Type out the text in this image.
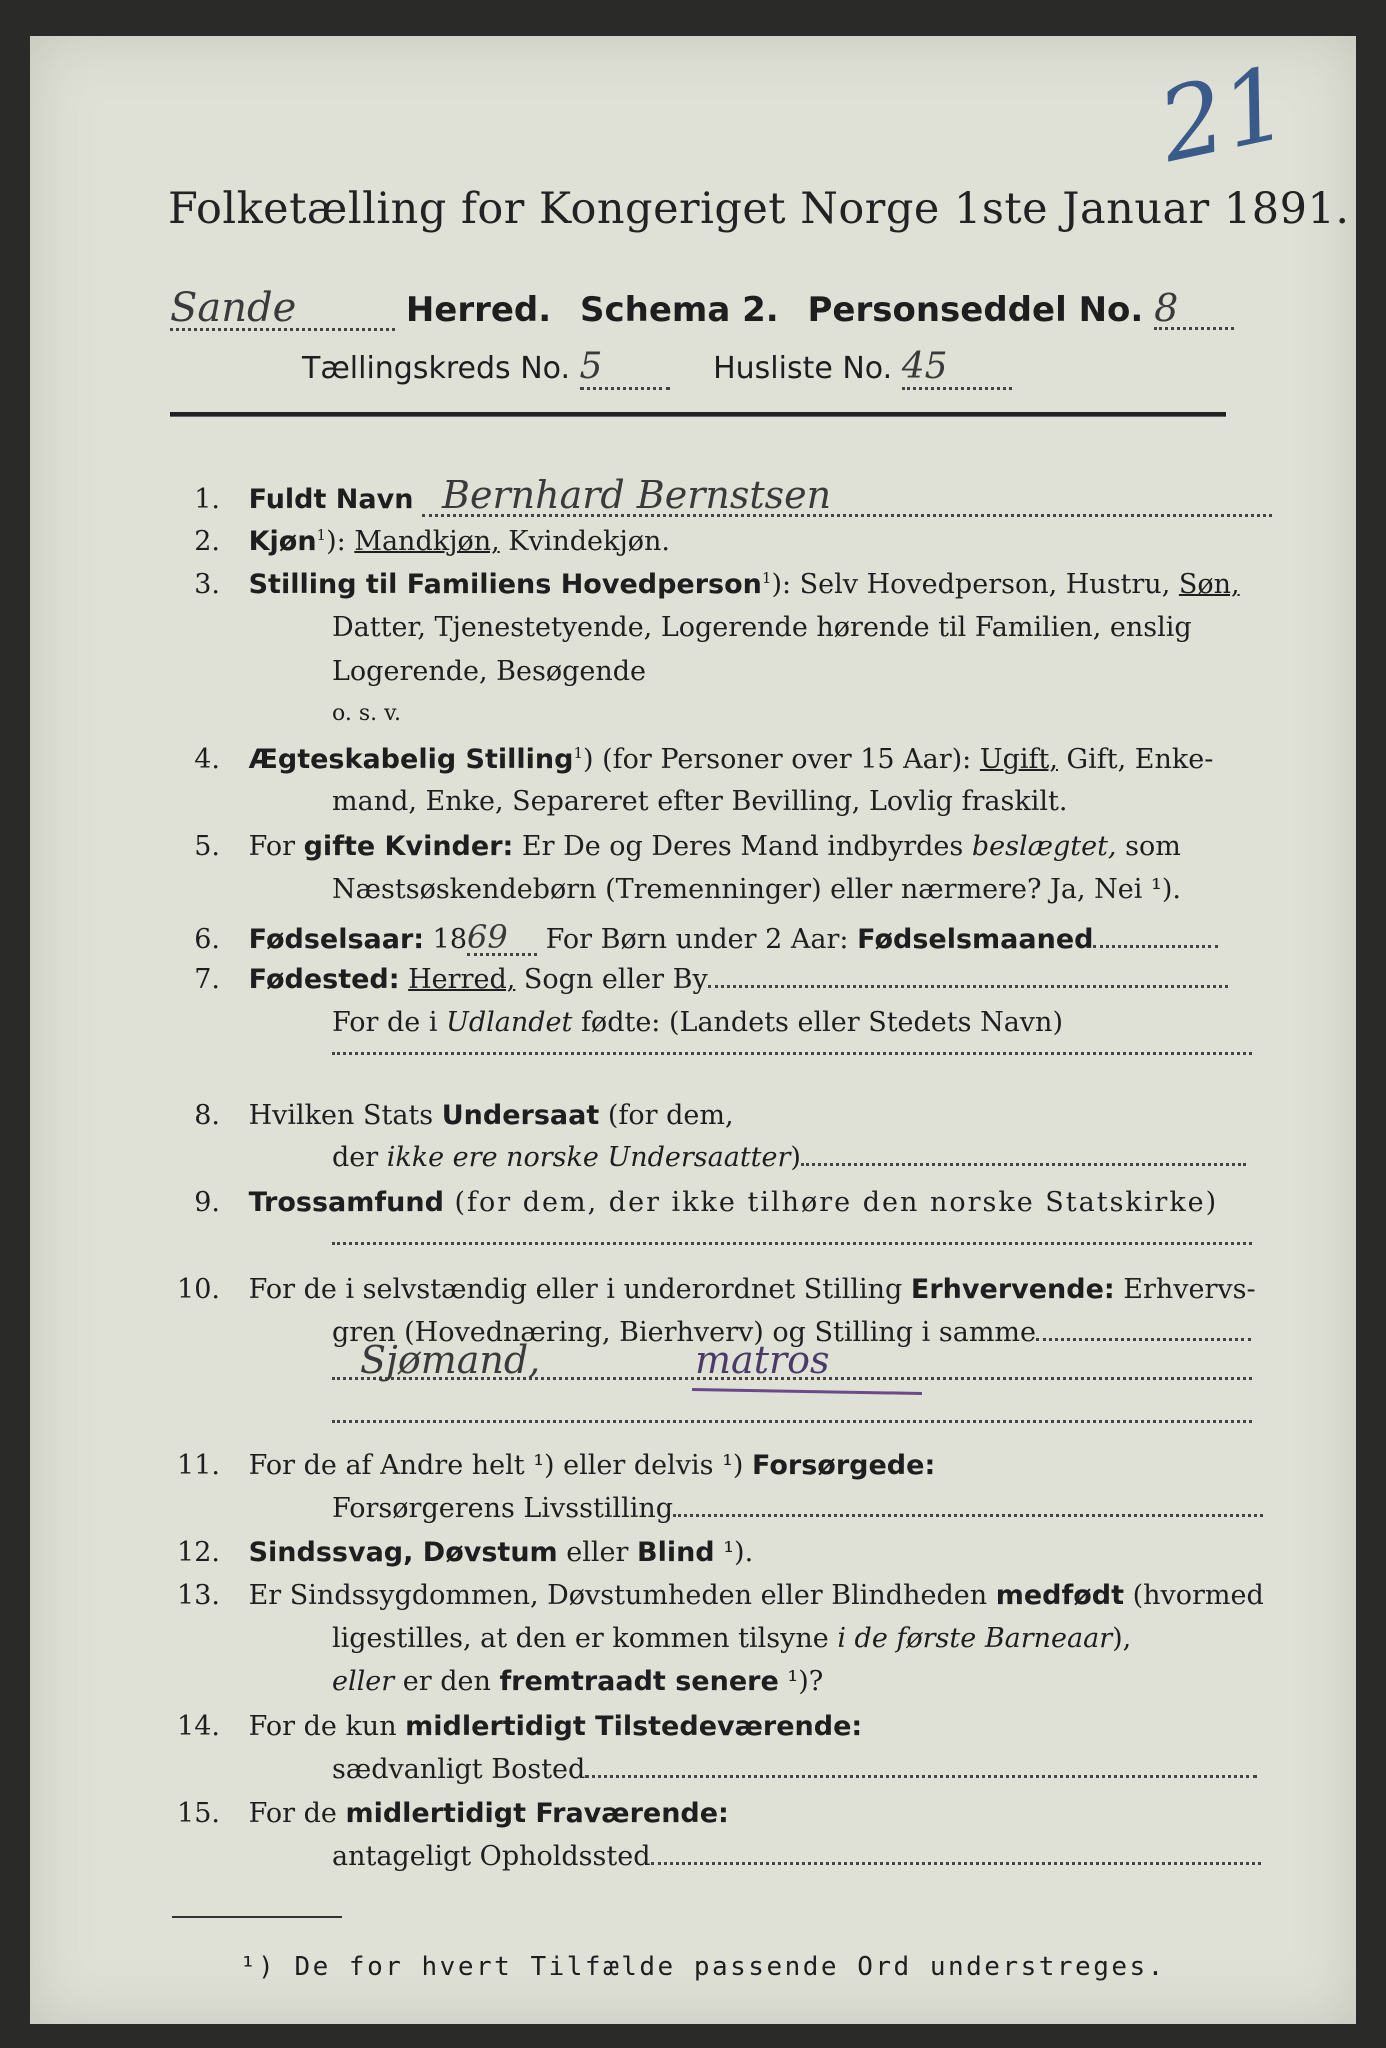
21
Folketælling for Kongeriget Norge 1ste Januar 1891.
Sande	Herred. Schema 2. Personseddel No. 8
Tællingskreds No. 5	Husliste No. 45
1. Fuldt Navn Bernhard Bernstsen
2. Kjøn$^1$): Mandkjøn, Kvindekjøn.
3. Stilling til Familiens Hovedperson$^1$): Selv Hovedperson, Hustru, Søn,
Datter, Tjenestetyende, Logerende hørende til Familien, enslig
Logerende, Besøgende
o. s. v.
4. Ægteskabelig Stilling$^1$) (for Personer over 15 Aar): Ugift, Gift, Enke-
mand, Enke, Separeret efter Bevilling, Lovlig fraskilt.
5. For gifte Kvinder: Er De og Deres Mand indbyrdes beslægtet, som
Næstsøskendebørn (Tremenninger) eller nærmere? Ja, Nei ¹).
6. Fødselsaar: 1869 For Børn under 2 Aar: Fødselsmaaned
7. Fødested: Herred, Sogn eller By
For de i Udlandet fødte: (Landets eller Stedets Navn)
8. Hvilken Stats Undersaat (for dem,
der ikke ere norske Undersaatter)
9. Trossamfund (for dem, der ikke tilhøre den norske Statskirke)
10. For de i selvstændig eller i underordnet Stilling Erhvervende: Erhvervs-
gren (Hovednæring, Bierhverv) og Stilling i samme
Sjømand,	matros
11. For de af Andre helt ¹) eller delvis ¹) Forsørgede:
Forsørgerens Livsstilling
12. Sindssvag, Døvstum eller Blind ¹).
13. Er Sindssygdommen, Døvstumheden eller Blindheden medfødt (hvormed
ligestilles, at den er kommen tilsyne i de første Barneaar),
eller er den fremtraadt senere ¹)?
14. For de kun midlertidigt Tilstedeværende:
sædvanligt Bosted
15. For de midlertidigt Fraværende:
antageligt Opholdssted
¹) De for hvert Tilfælde passende Ord understreges.
